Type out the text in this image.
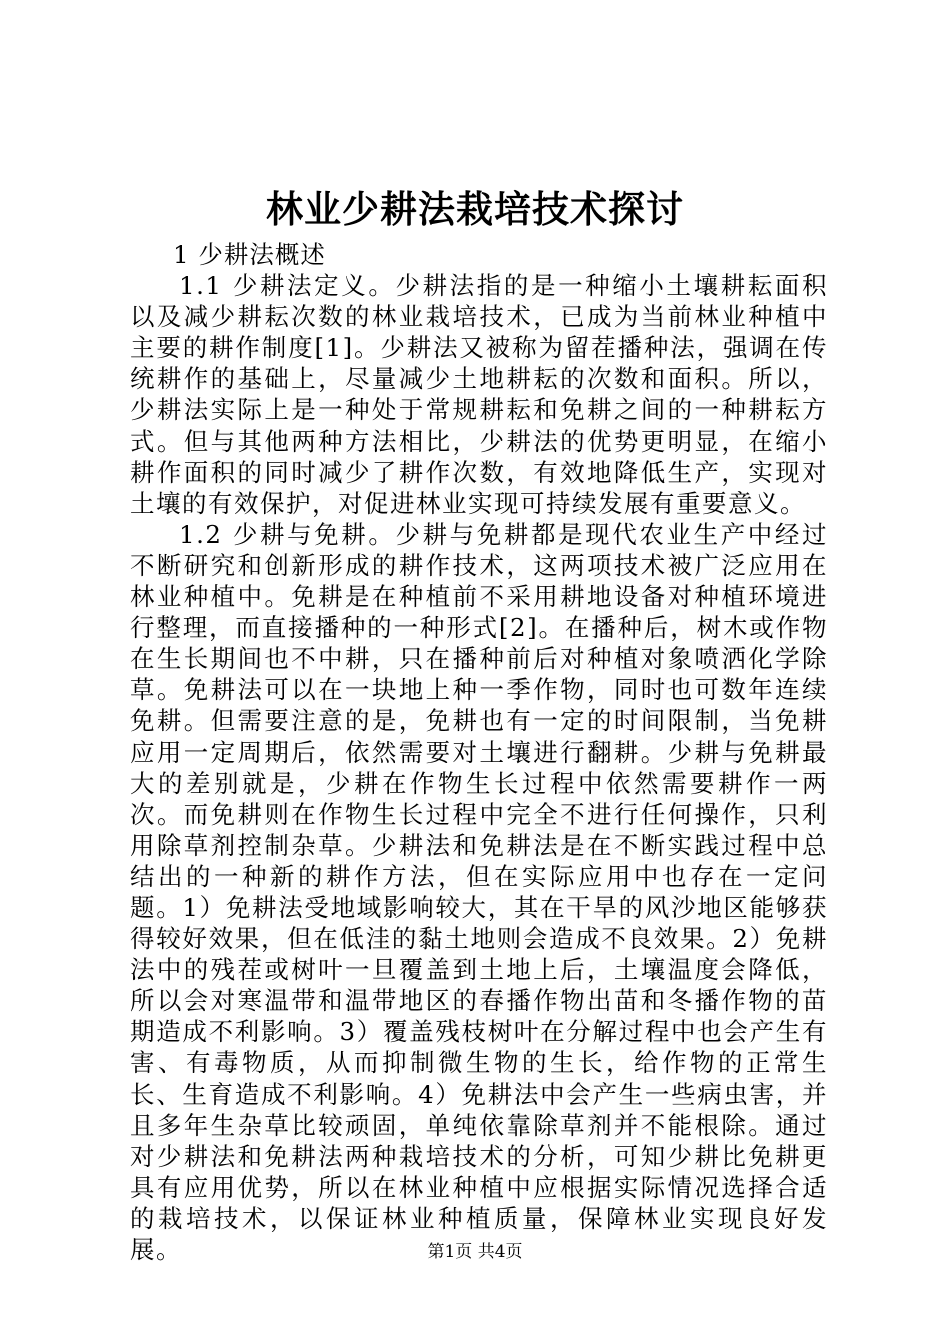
林业少耕法栽培技术探讨

1 少耕法概述

1.1 少耕法定义。少耕法指的是一种缩小土壤耕耘面积以及减少耕耘次数的林业栽培技术，已成为当前林业种植中主要的耕作制度[1]。少耕法又被称为留茬播种法，强调在传统耕作的基础上，尽量减少土地耕耘的次数和面积。所以，少耕法实际上是一种处于常规耕耘和免耕之间的一种耕耘方式。但与其他两种方法相比，少耕法的优势更明显，在缩小耕作面积的同时减少了耕作次数，有效地降低生产，实现对土壤的有效保护，对促进林业实现可持续发展有重要意义。

1.2 少耕与免耕。少耕与免耕都是现代农业生产中经过不断研究和创新形成的耕作技术，这两项技术被广泛应用在林业种植中。免耕是在种植前不采用耕地设备对种植环境进行整理，而直接播种的一种形式[2]。在播种后，树木或作物在生长期间也不中耕，只在播种前后对种植对象喷洒化学除草。免耕法可以在一块地上种一季作物，同时也可数年连续免耕。但需要注意的是，免耕也有一定的时间限制，当免耕应用一定周期后，依然需要对土壤进行翻耕。少耕与免耕最大的差别就是，少耕在作物生长过程中依然需要耕作一两次。而免耕则在作物生长过程中完全不进行任何操作，只利用除草剂控制杂草。少耕法和免耕法是在不断实践过程中总结出的一种新的耕作方法，但在实际应用中也存在一定问题。1）免耕法受地域影响较大，其在干旱的风沙地区能够获得较好效果，但在低洼的黏土地则会造成不良效果。2）免耕法中的残茬或树叶一旦覆盖到土地上后，土壤温度会降低，所以会对寒温带和温带地区的春播作物出苗和冬播作物的苗期造成不利影响。3）覆盖残枝树叶在分解过程中也会产生有害、有毒物质，从而抑制微生物的生长，给作物的正常生长、生育造成不利影响。4）免耕法中会产生一些病虫害，并且多年生杂草比较顽固，单纯依靠除草剂并不能根除。通过对少耕法和免耕法两种栽培技术的分析，可知少耕比免耕更具有应用优势，所以在林业种植中应根据实际情况选择合适的栽培技术，以保证林业种植质量，保障林业实现良好发展。	第1页 共4页
